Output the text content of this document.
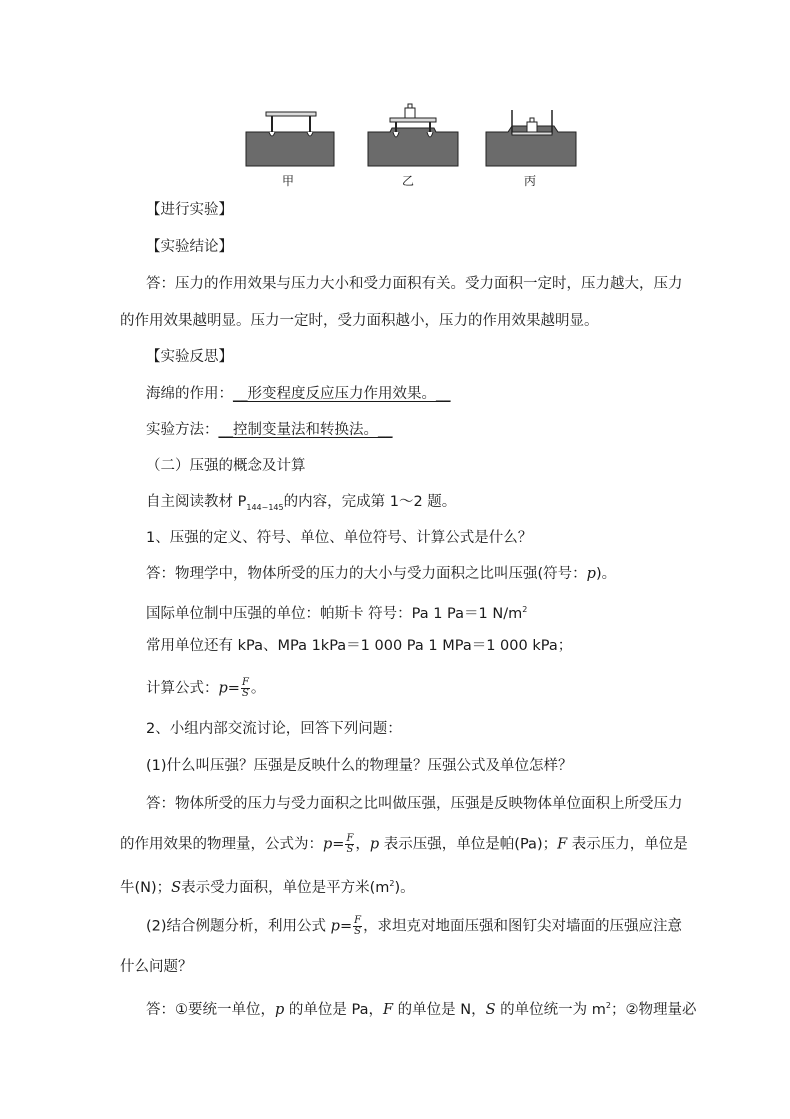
甲	乙	丙
【进行实验】
【实验结论】
答：压力的作用效果与压力大小和受力面积有关。受力面积一定时，压力越大，压力
的作用效果越明显。压力一定时，受力面积越小，压力的作用效果越明显。
【实验反思】
海绵的作用：__形变程度反应压力作用效果。__
实验方法：__控制变量法和转换法。__
（二）压强的概念及计算
自主阅读教材 $P_{144\sim 145}$的内容，完成第 1～2 题。
1、压强的定义、符号、单位、单位符号、计算公式是什么？
答：物理学中，物体所受的压力的大小与受力面积之比叫压强(符号：p)。
国际单位制中压强的单位：帕斯卡 符号：Pa 1 Pa＝1 $N/m^2$
常用单位还有 kPa、MPa 1kPa＝1 000 Pa 1 MPa＝1 000 kPa；
计算公式：$p= \frac{F}{S}$ 。
2、小组内部交流讨论，回答下列问题：
(1)什么叫压强？压强是反映什么的物理量？压强公式及单位怎样？
答：物体所受的压力与受力面积之比叫做压强，压强是反映物体单位面积上所受压力
的作用效果的物理量，公式为：$p= \frac{F}{S}$ ，p 表示压强，单位是帕(Pa)；F 表示压力，单位是
牛(N)；S表示受力面积，单位是平方米$(m^2)$。
(2)结合例题分析，利用公式 $p= \frac{F}{S}$ ，求坦克对地面压强和图钉尖对墙面的压强应注意
什么问题？
答：①要统一单位，p 的单位是 Pa，F 的单位是 N，S 的单位统一为 $m^2$；②物理量必
